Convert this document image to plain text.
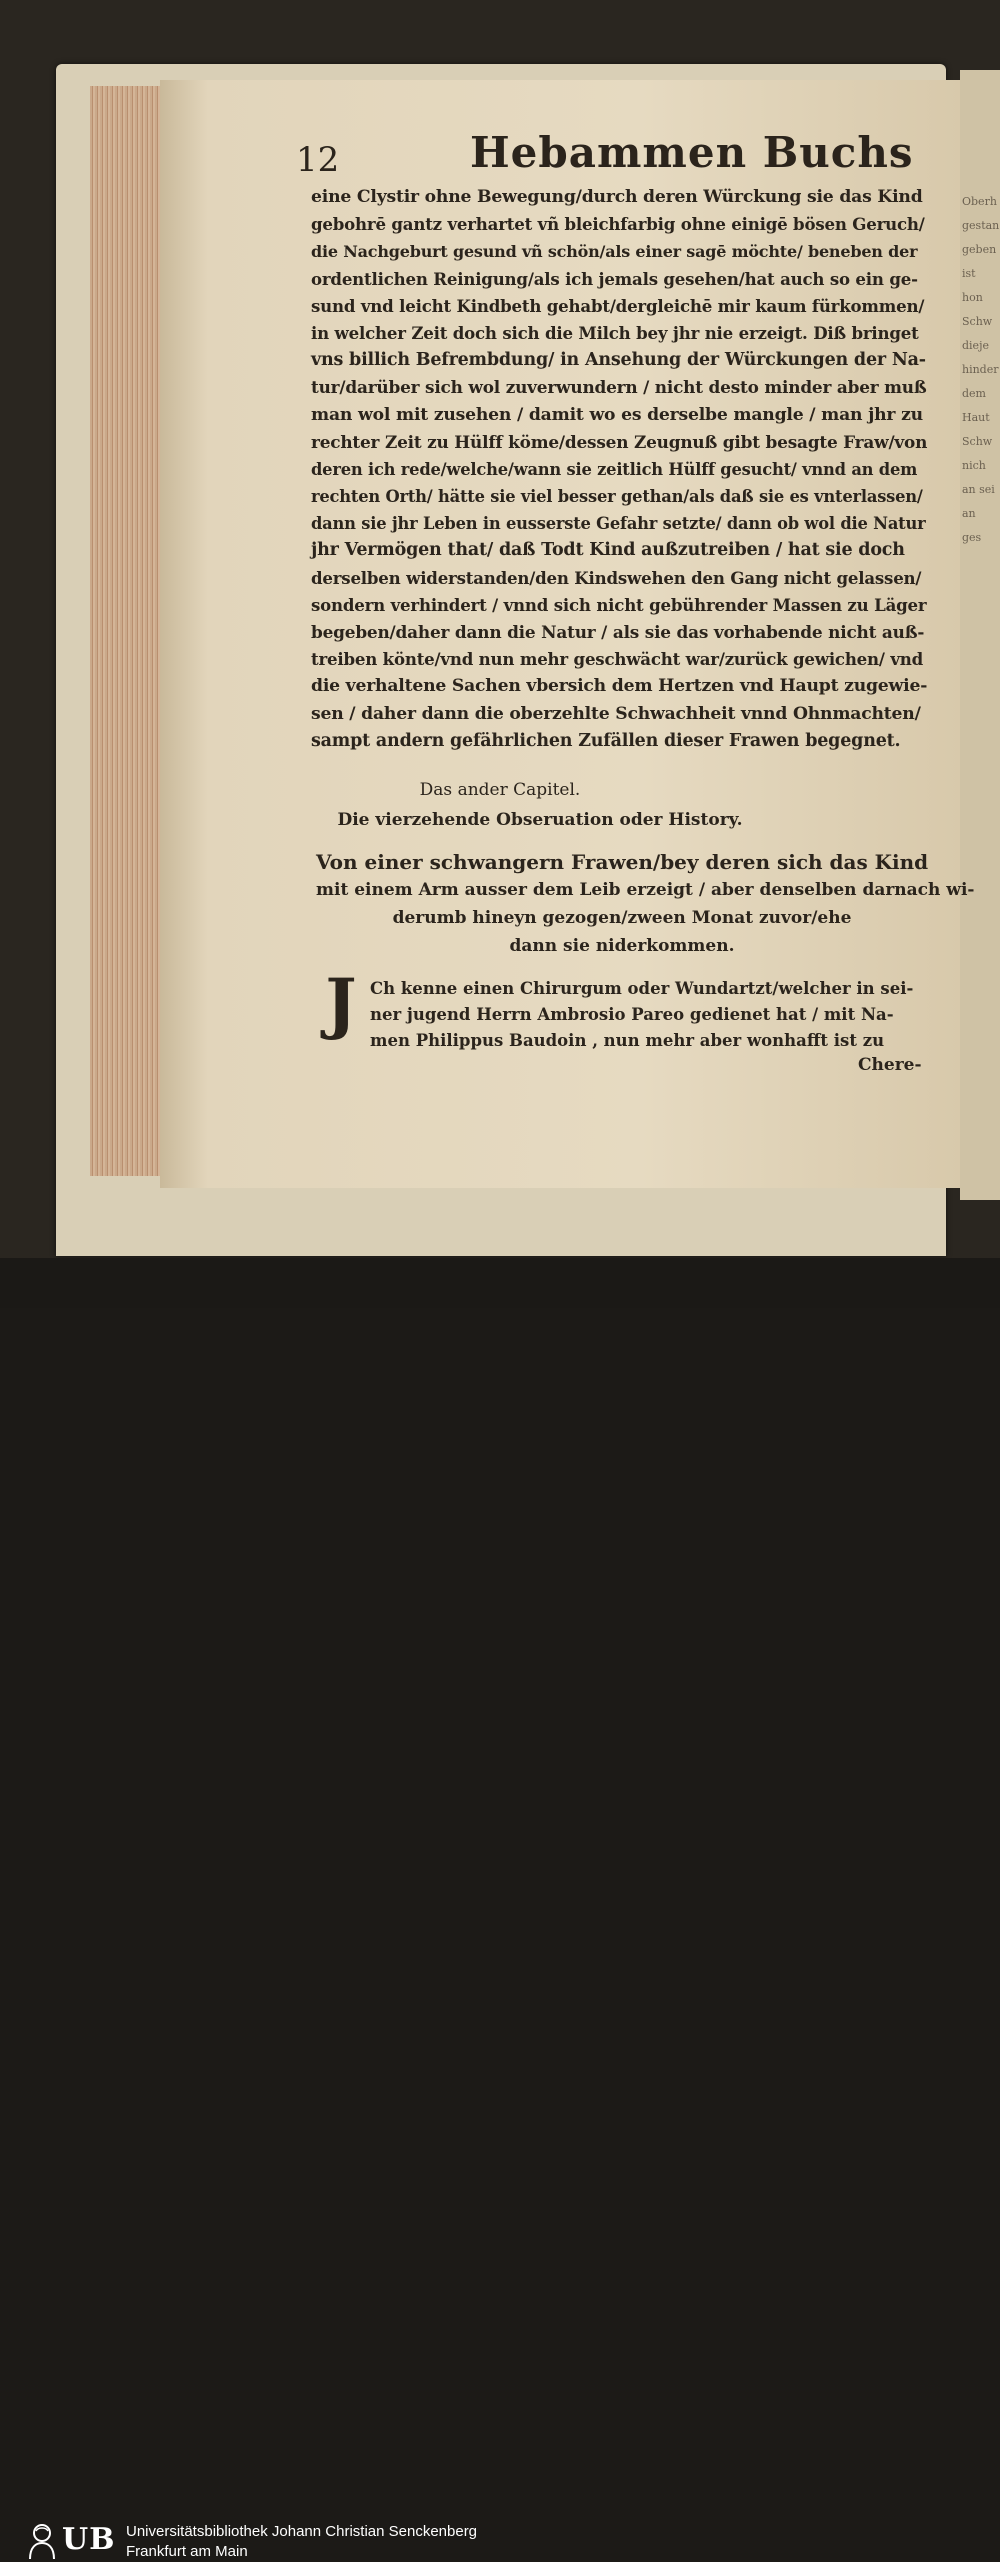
Oberh
gestan
geben
ist
hon
Schw
dieje
hinder
dem
Haut
Schw
nich
an sei
an
ges
12	Hebammen Buchs
eine Clystir ohne Bewegung/durch deren Würckung sie das Kind
gebohrē gantz verhartet vñ bleichfarbig ohne einigē bösen Geruch/
die Nachgeburt gesund vñ schön/als einer sagē möchte/ beneben der
ordentlichen Reinigung/als ich jemals gesehen/hat auch so ein ge-
sund vnd leicht Kindbeth gehabt/dergleichē mir kaum fürkommen/
in welcher Zeit doch sich die Milch bey jhr nie erzeigt. Diß bringet
vns billich Befrembdung/ in Ansehung der Würckungen der Na-
tur/darüber sich wol zuverwundern / nicht desto minder aber muß
man wol mit zusehen / damit wo es derselbe mangle / man jhr zu
rechter Zeit zu Hülff köme/dessen Zeugnuß gibt besagte Fraw/von
deren ich rede/welche/wann sie zeitlich Hülff gesucht/ vnnd an dem
rechten Orth/ hätte sie viel besser gethan/als daß sie es vnterlassen/
dann sie jhr Leben in eusserste Gefahr setzte/ dann ob wol die Natur
jhr Vermögen that/ daß Todt Kind außzutreiben / hat sie doch
derselben widerstanden/den Kindswehen den Gang nicht gelassen/
sondern verhindert / vnnd sich nicht gebührender Massen zu Läger
begeben/daher dann die Natur / als sie das vorhabende nicht auß-
treiben könte/vnd nun mehr geschwächt war/zurück gewichen/ vnd
die verhaltene Sachen vbersich dem Hertzen vnd Haupt zugewie-
sen / daher dann die oberzehlte Schwachheit vnnd Ohnmachten/
sampt andern gefährlichen Zufällen dieser Frawen begegnet.
Das ander Capitel.
Die vierzehende Obseruation oder History.
Von einer schwangern Frawen/bey deren sich das Kind
mit einem Arm ausser dem Leib erzeigt / aber denselben darnach wi-
derumb hineyn gezogen/zween Monat zuvor/ehe
dann sie niderkommen.
J Ch kenne einen Chirurgum oder Wundartzt/welcher in sei-
ner jugend Herrn Ambrosio Pareo gedienet hat / mit Na-
men Philippus Baudoin , nun mehr aber wonhafft ist zu
Chere-
UB Universitätsbibliothek Johann Christian Senckenberg
Frankfurt am Main
